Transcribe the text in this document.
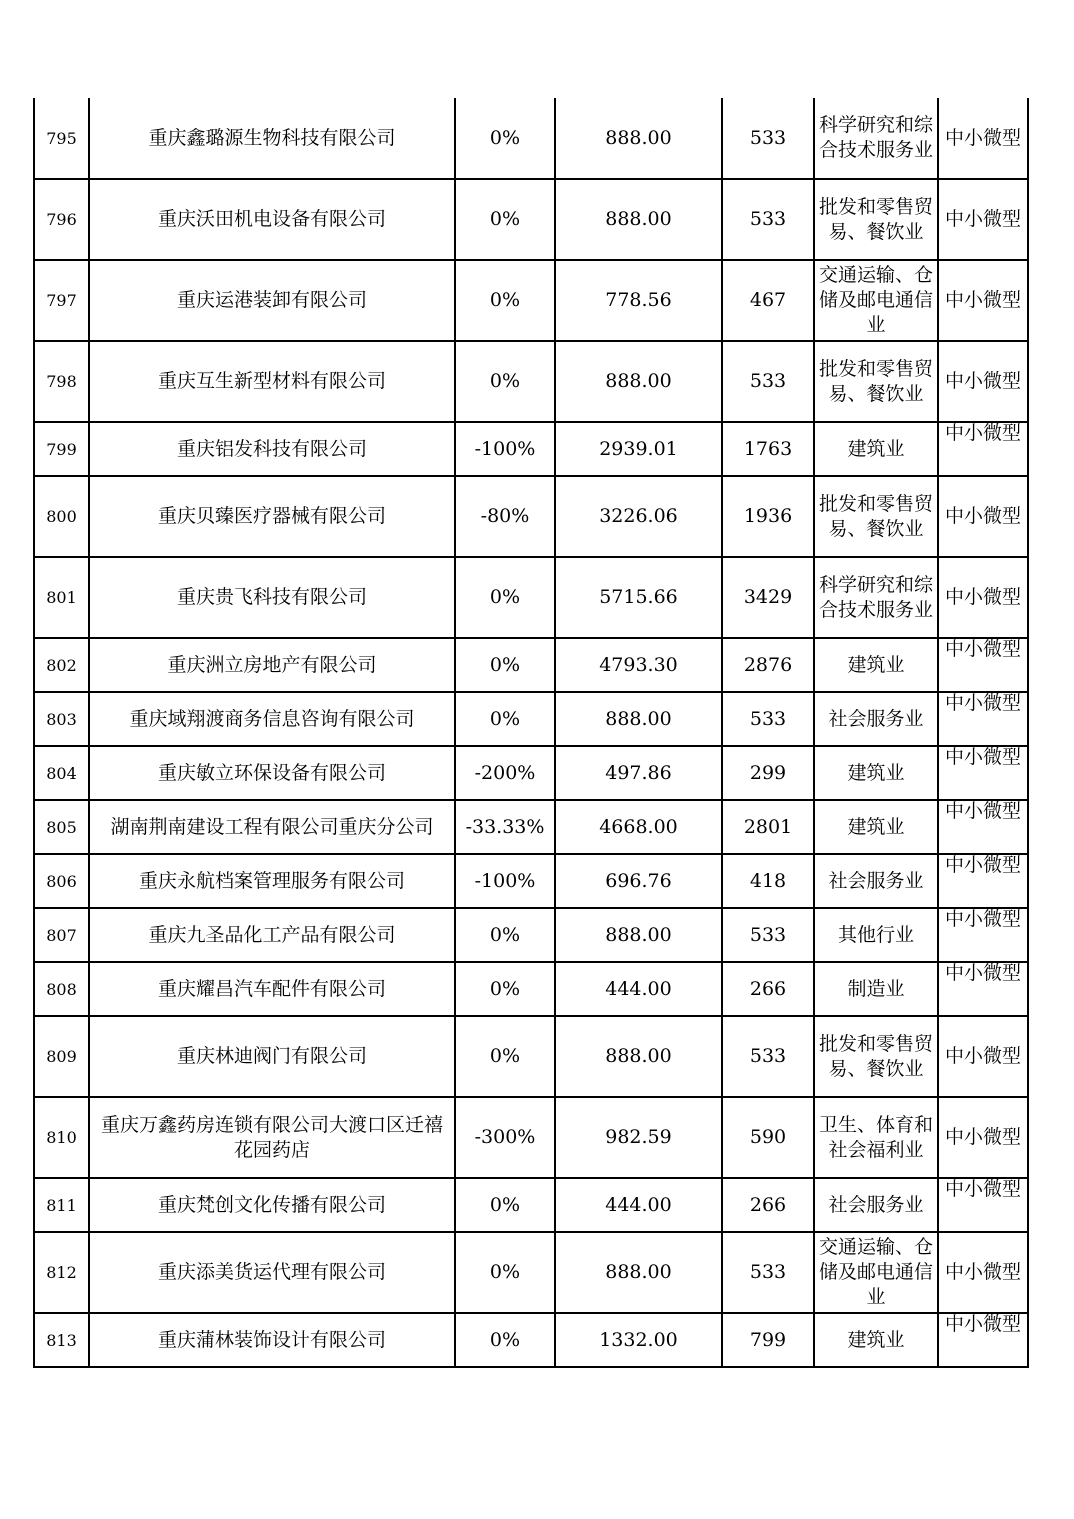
795	重庆鑫璐源生物科技有限公司	0%	888.00	533	科学研究和综合技术服务业	中小微型

796	重庆沃田机电设备有限公司	0%	888.00	533	批发和零售贸易、餐饮业	中小微型

797	重庆运港装卸有限公司	0%	778.56	467	交通运输、仓储及邮电通信业	中小微型

798	重庆互生新型材料有限公司	0%	888.00	533	批发和零售贸易、餐饮业	中小微型

799	重庆铝发科技有限公司	-100%	2939.01	1763	建筑业	中小微型

800	重庆贝臻医疗器械有限公司	-80%	3226.06	1936	批发和零售贸易、餐饮业	中小微型

801	重庆贵飞科技有限公司	0%	5715.66	3429	科学研究和综合技术服务业	中小微型

802	重庆洲立房地产有限公司	0%	4793.30	2876	建筑业	中小微型

803	重庆域翔渡商务信息咨询有限公司	0%	888.00	533	社会服务业	中小微型

804	重庆敏立环保设备有限公司	-200%	497.86	299	建筑业	中小微型

805	湖南荆南建设工程有限公司重庆分公司	-33.33%	4668.00	2801	建筑业	中小微型

806	重庆永航档案管理服务有限公司	-100%	696.76	418	社会服务业	中小微型

807	重庆九圣品化工产品有限公司	0%	888.00	533	其他行业	中小微型

808	重庆耀昌汽车配件有限公司	0%	444.00	266	制造业	中小微型

809	重庆林迪阀门有限公司	0%	888.00	533	批发和零售贸易、餐饮业	中小微型

810	重庆万鑫药房连锁有限公司大渡口区迁禧花园药店	-300%	982.59	590	卫生、体育和社会福利业	中小微型

811	重庆梵创文化传播有限公司	0%	444.00	266	社会服务业	中小微型

812	重庆添美货运代理有限公司	0%	888.00	533	交通运输、仓储及邮电通信业	中小微型

813	重庆蒲林装饰设计有限公司	0%	1332.00	799	建筑业	中小微型
